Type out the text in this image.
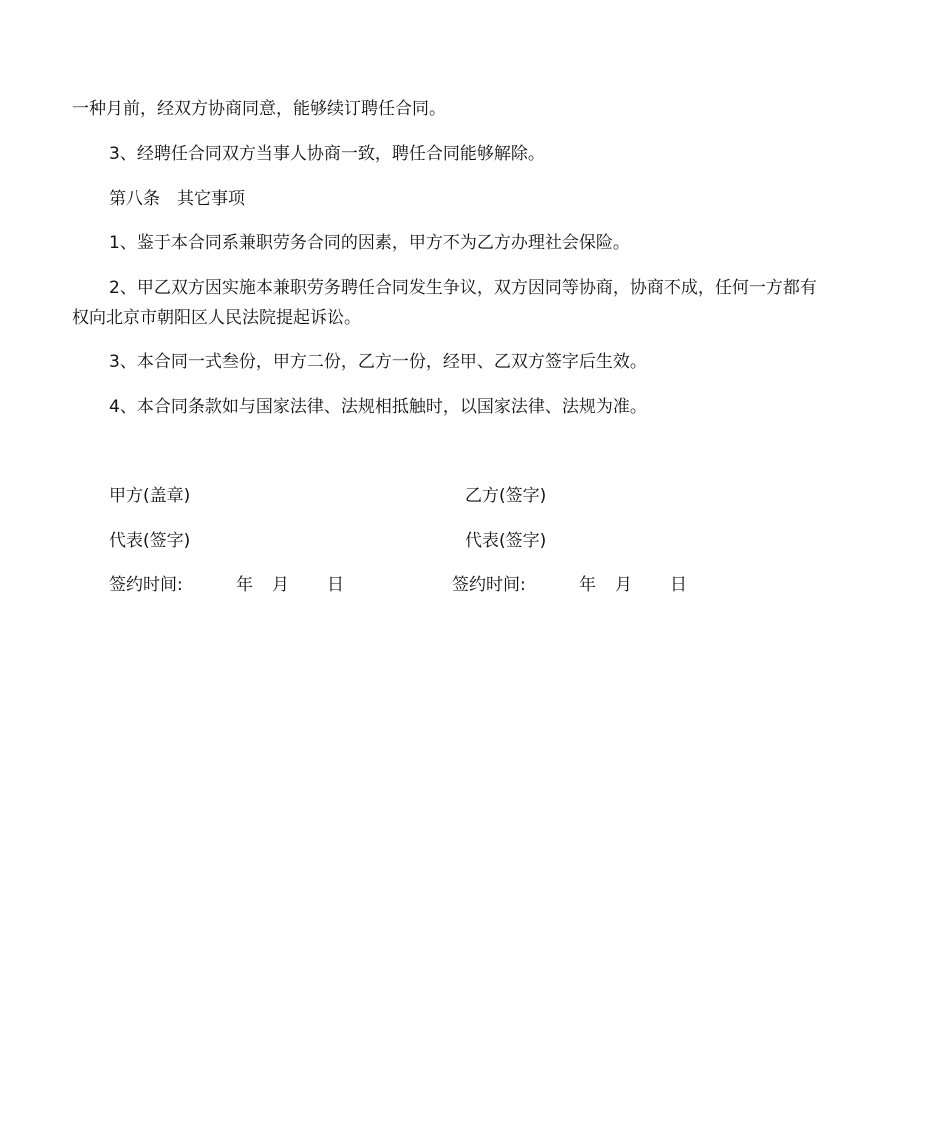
一种月前，经双方协商同意，能够续订聘任合同。
3、经聘任合同双方当事人协商一致，聘任合同能够解除。
第八条　其它事项
1、鉴于本合同系兼职劳务合同的因素，甲方不为乙方办理社会保险。
2、甲乙双方因实施本兼职劳务聘任合同发生争议，双方因同等协商，协商不成，任何一方都有
权向北京市朝阳区人民法院提起诉讼。
3、本合同一式叁份，甲方二份，乙方一份，经甲、乙双方签字后生效。
4、本合同条款如与国家法律、法规相抵触时，以国家法律、法规为准。
甲方(盖章)	乙方(签字)
代表(签字)	代表(签字)
签约时间:	年 月 日	签约时间:	年 月 日
